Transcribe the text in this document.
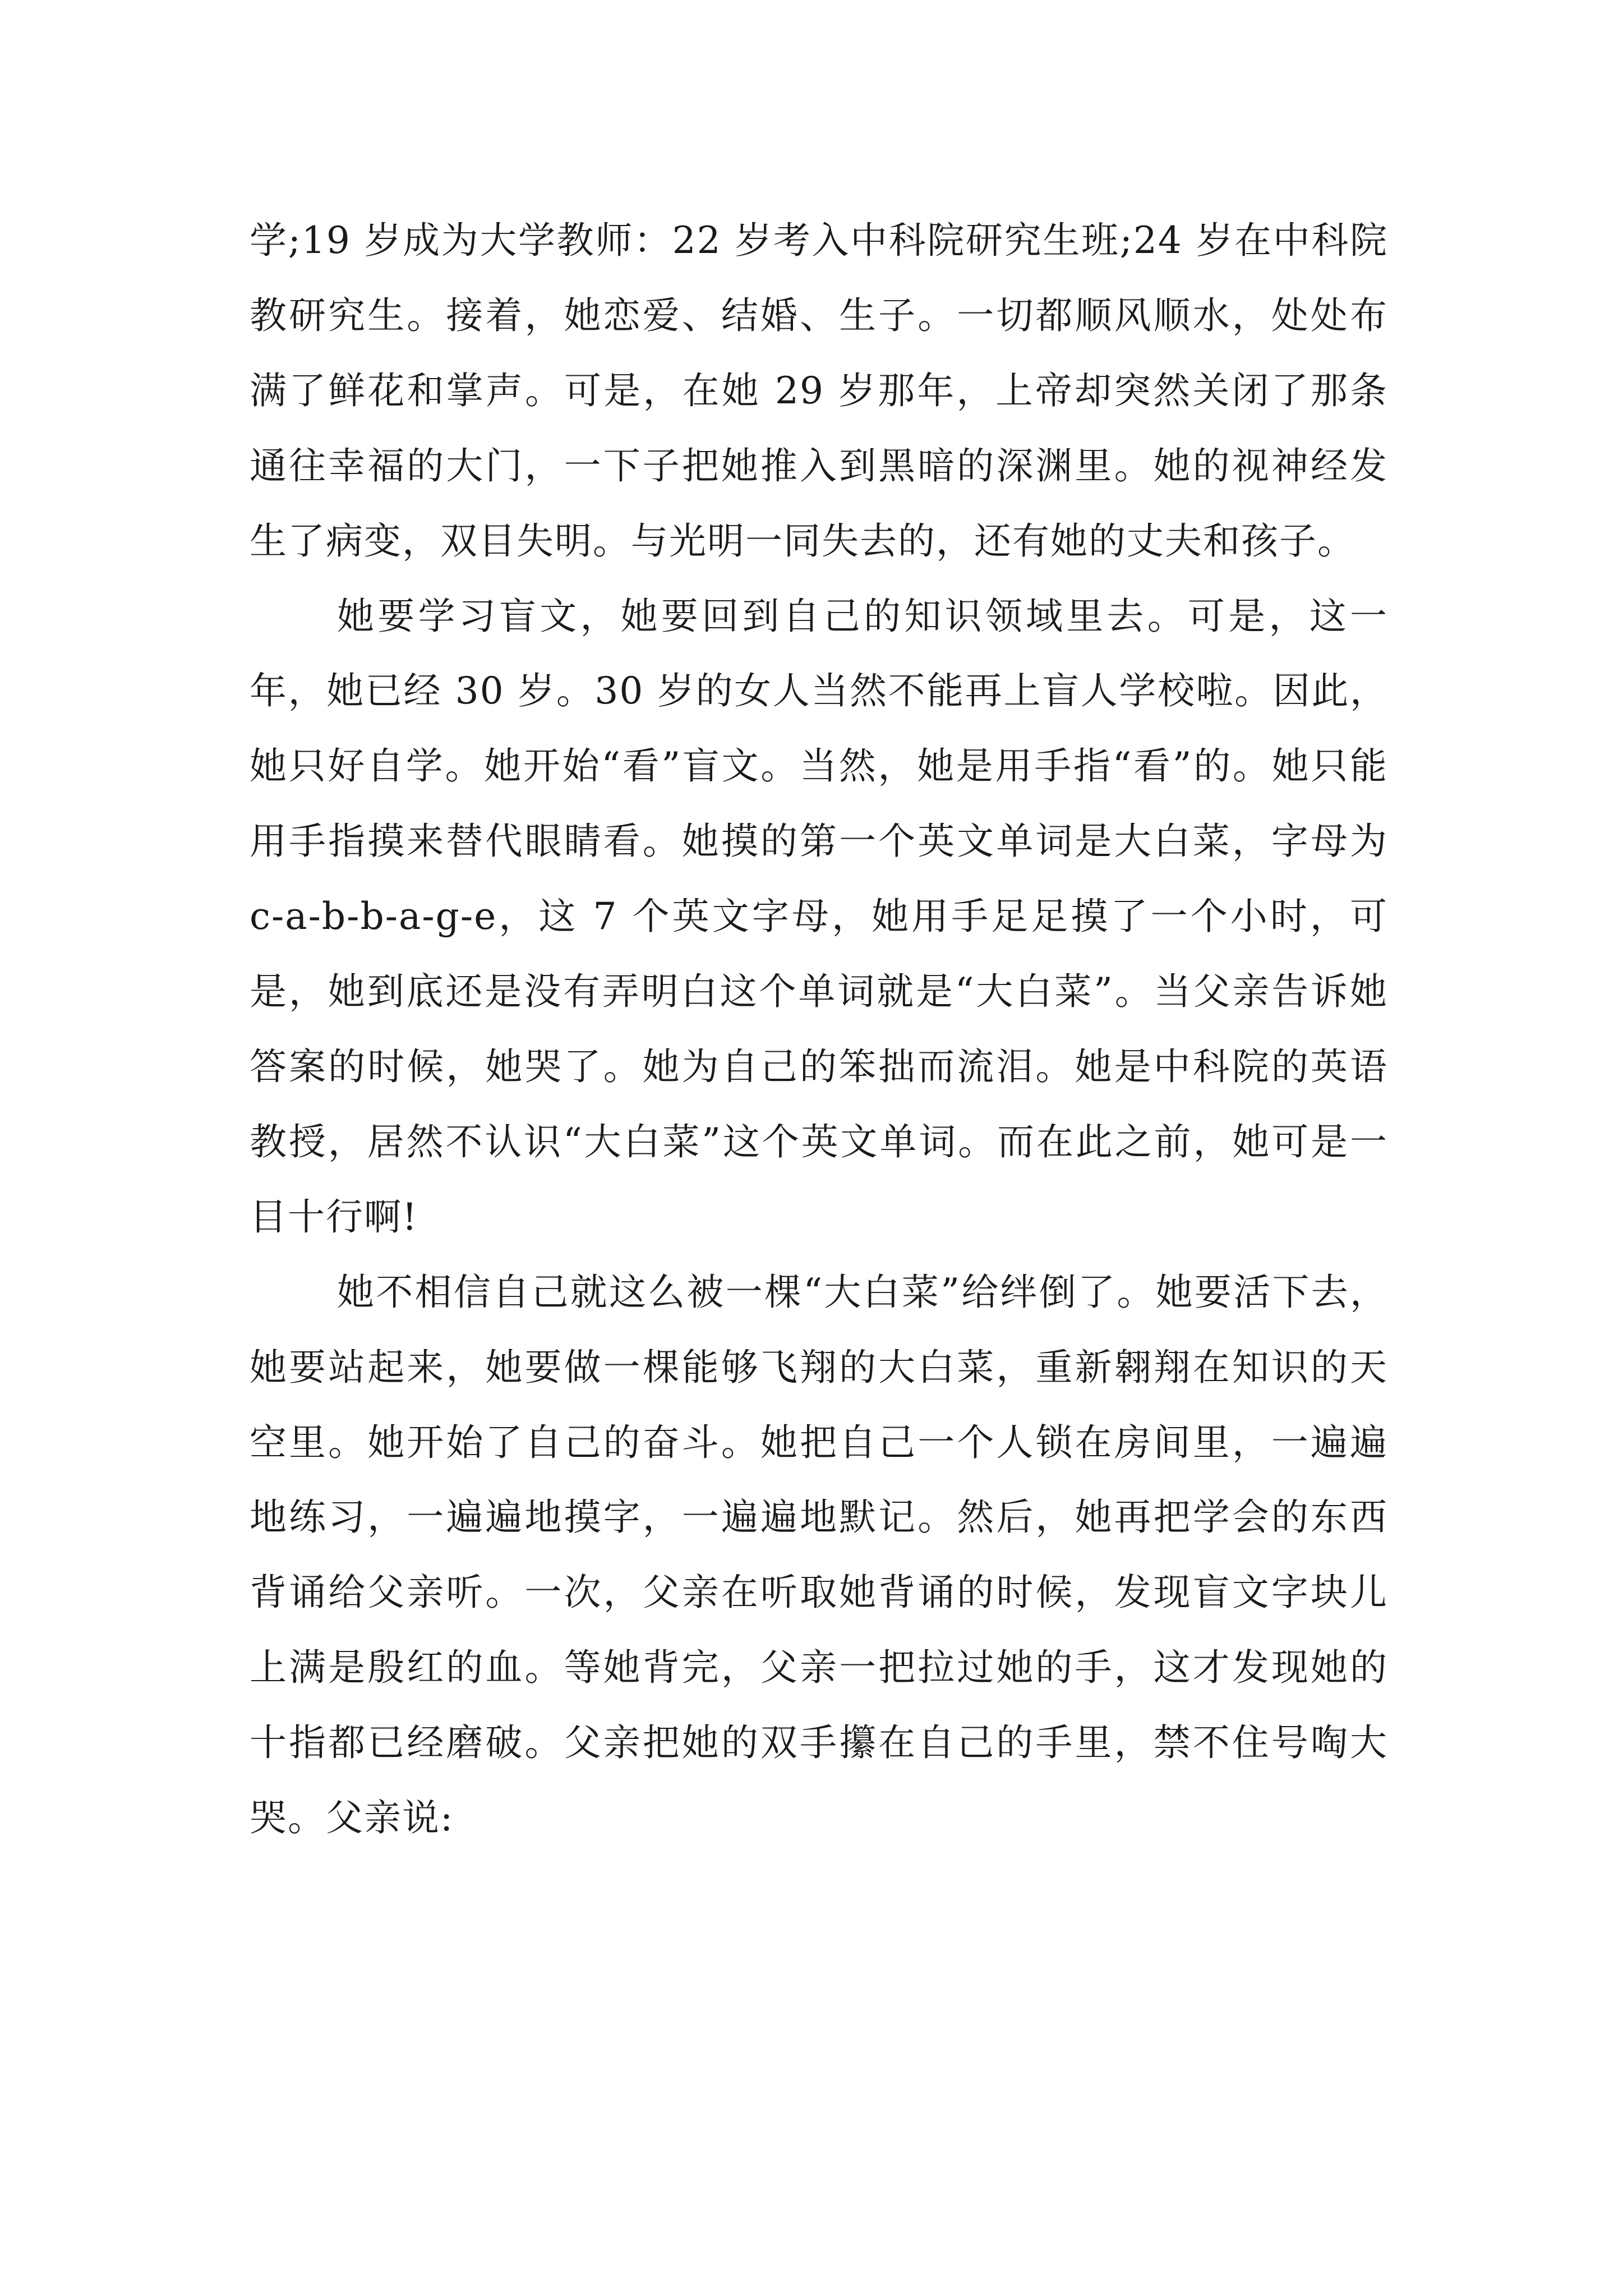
学;19 岁成为大学教师：22 岁考入中科院研究生班;24 岁在中科院教研究生。接着，她恋爱、结婚、生子。一切都顺风顺水，处处布满了鲜花和掌声。可是，在她 29 岁那年，上帝却突然关闭了那条通往幸福的大门，一下子把她推入到黑暗的深渊里。她的视神经发生了病变，双目失明。与光明一同失去的，还有她的丈夫和孩子。

她要学习盲文，她要回到自己的知识领域里去。可是，这一年，她已经 30 岁。30 岁的女人当然不能再上盲人学校啦。因此，她只好自学。她开始“看”盲文。当然，她是用手指“看”的。她只能用手指摸来替代眼睛看。她摸的第一个英文单词是大白菜，字母为 c-a-b-b-a-g-e，这 7 个英文字母，她用手足足摸了一个小时，可是，她到底还是没有弄明白这个单词就是“大白菜”。当父亲告诉她答案的时候，她哭了。她为自己的笨拙而流泪。她是中科院的英语教授，居然不认识“大白菜”这个英文单词。而在此之前，她可是一目十行啊!

她不相信自己就这么被一棵“大白菜”给绊倒了。她要活下去，她要站起来，她要做一棵能够飞翔的大白菜，重新翱翔在知识的天空里。她开始了自己的奋斗。她把自己一个人锁在房间里，一遍遍地练习，一遍遍地摸字，一遍遍地默记。然后，她再把学会的东西背诵给父亲听。一次，父亲在听取她背诵的时候，发现盲文字块儿上满是殷红的血。等她背完，父亲一把拉过她的手，这才发现她的十指都已经磨破。父亲把她的双手攥在自己的手里，禁不住号啕大哭。父亲说:
